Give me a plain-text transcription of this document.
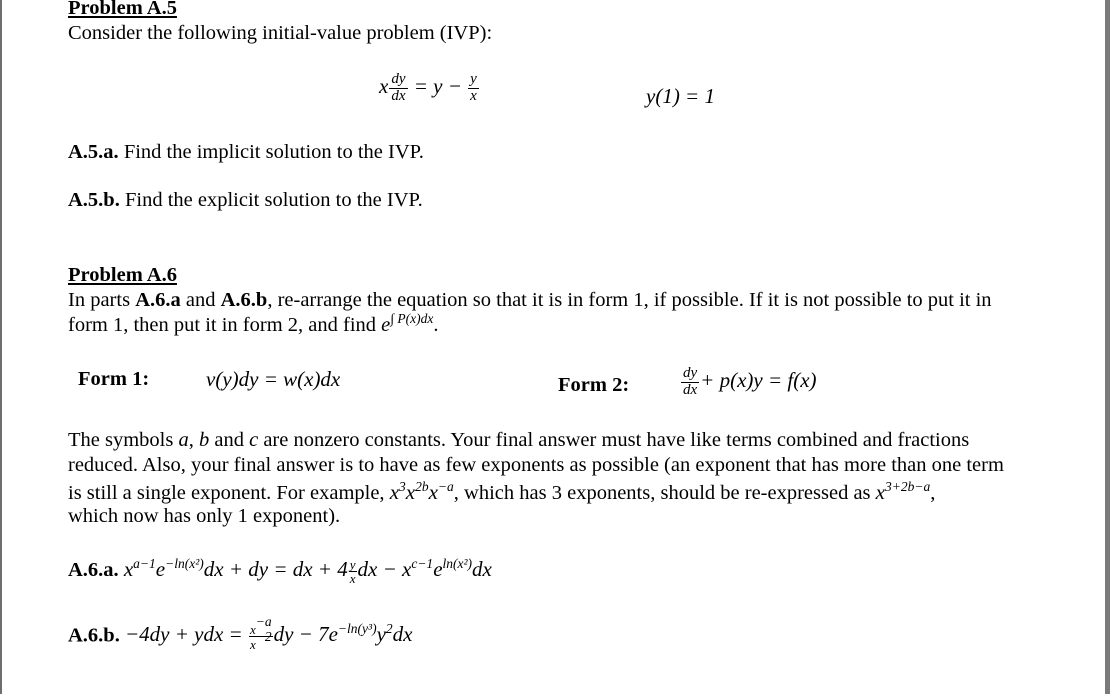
Problem A.5
Consider the following initial-value problem (IVP):
x $\frac{dy}{dx} = y - \frac{y}{x}$	y(1) = 1
A.5.a. Find the implicit solution to the IVP.
A.5.b. Find the explicit solution to the IVP.
Problem A.6
In parts A.6.a and A.6.b, re-arrange the equation so that it is in form 1, if possible. If it is not possible to put it in
form 1, then put it in form 2, and find $e^{\int P(x)dx}$.
Form 1:	v(y)dy = w(x)dx	Form 2:	$\frac{dy}{dx} + p(x)y = f(x)$
The symbols a, b and c are nonzero constants. Your final answer must have like terms combined and fractions
reduced. Also, your final answer is to have as few exponents as possible (an exponent that has more than one term
is still a single exponent. For example, $x^3x^{2b}x^{-a}$, which has 3 exponents, should be re-expressed as $x^{3+2b-a}$,
which now has only 1 exponent).
A.6.a. $x^{a-1}e^{-ln(x^2)}dx$ + dy = dx + $4 \frac{y}{x}$ dx − $x^{c-1}e^{ln(x^2)}dx$
A.6.b. −4dy + ydx = $\frac{x^{-a}}{x^{-2}}$ dy − $7e^{-ln(y^3)}y^2dx$
